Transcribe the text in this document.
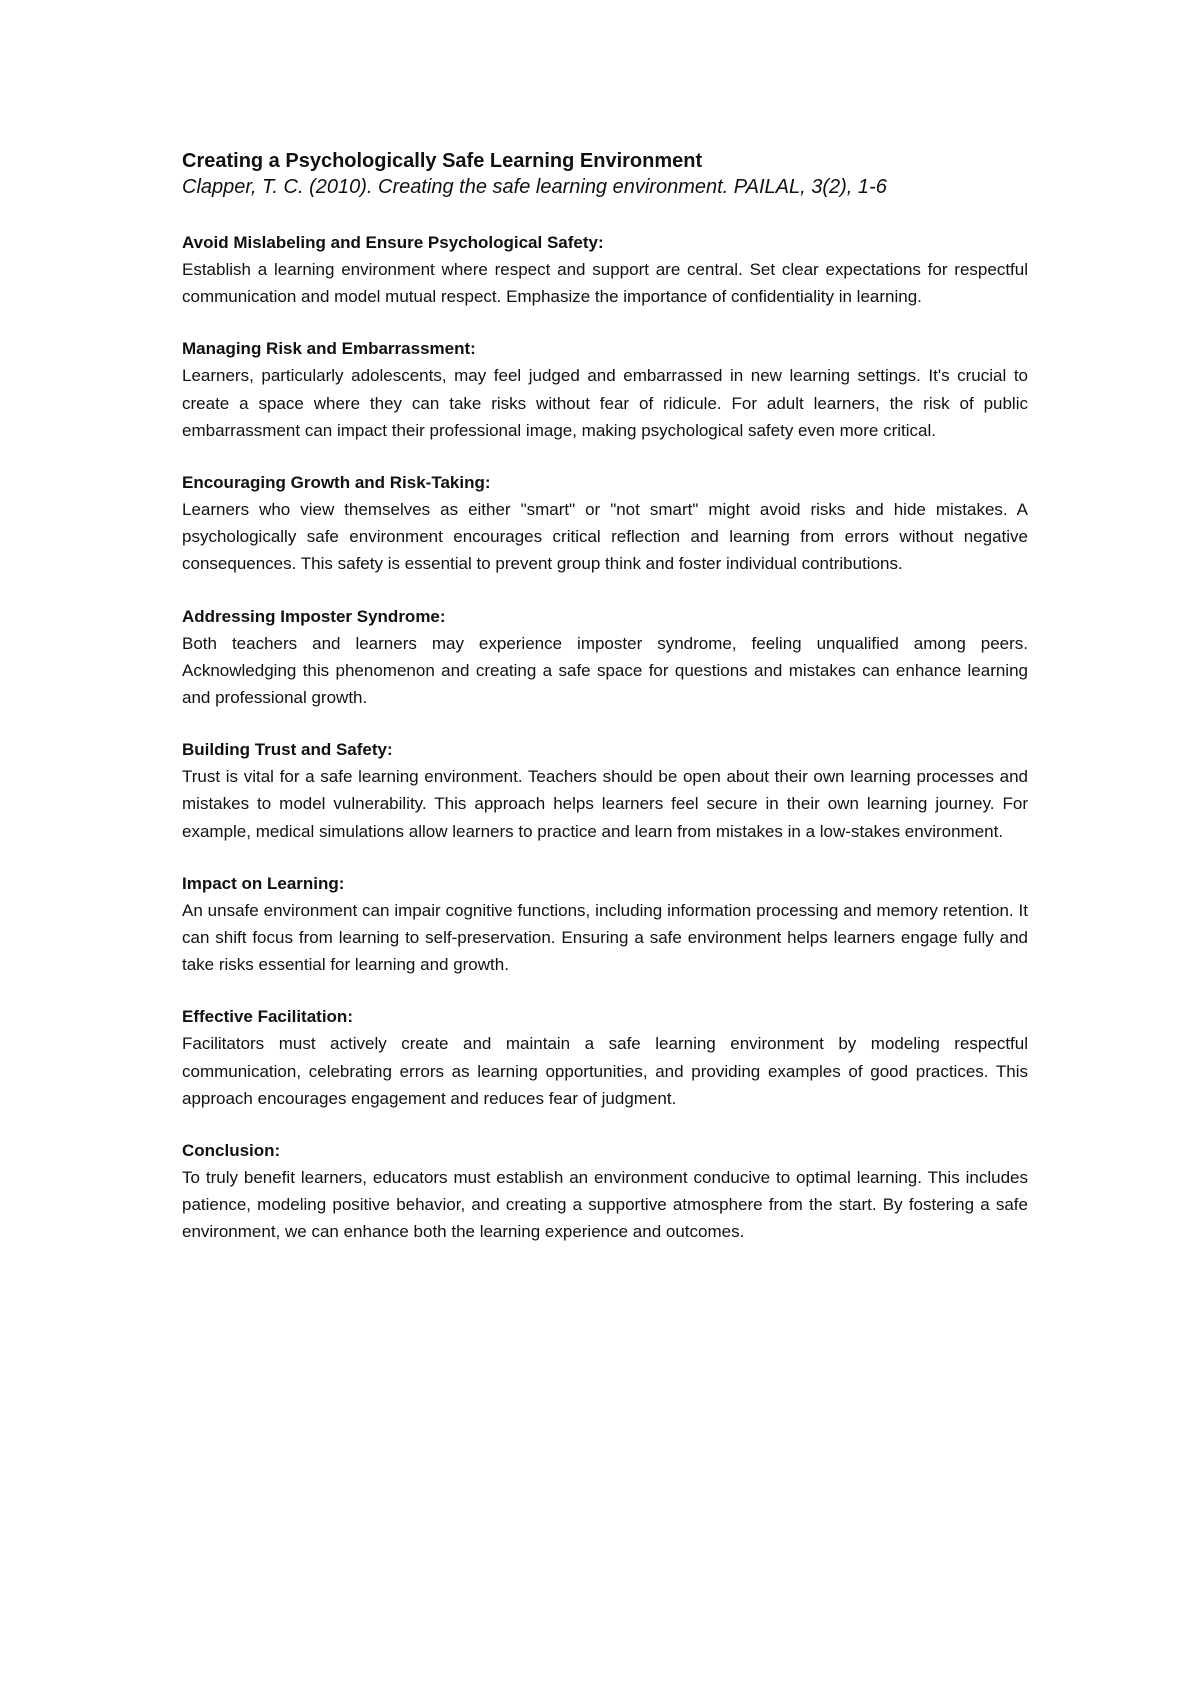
Creating a Psychologically Safe Learning Environment

Clapper, T. C. (2010). Creating the safe learning environment. PAILAL, 3(2), 1-6

Avoid Mislabeling and Ensure Psychological Safety:

Establish a learning environment where respect and support are central. Set clear expectations for respectful communication and model mutual respect. Emphasize the importance of confidentiality in learning.

Managing Risk and Embarrassment:

Learners, particularly adolescents, may feel judged and embarrassed in new learning settings. It's crucial to create a space where they can take risks without fear of ridicule. For adult learners, the risk of public embarrassment can impact their professional image, making psychological safety even more critical.

Encouraging Growth and Risk-Taking:

Learners who view themselves as either "smart" or "not smart" might avoid risks and hide mistakes. A psychologically safe environment encourages critical reflection and learning from errors without negative consequences. This safety is essential to prevent group think and foster individual contributions.

Addressing Imposter Syndrome:

Both teachers and learners may experience imposter syndrome, feeling unqualified among peers. Acknowledging this phenomenon and creating a safe space for questions and mistakes can enhance learning and professional growth.

Building Trust and Safety:

Trust is vital for a safe learning environment. Teachers should be open about their own learning processes and mistakes to model vulnerability. This approach helps learners feel secure in their own learning journey. For example, medical simulations allow learners to practice and learn from mistakes in a low-stakes environment.

Impact on Learning:

An unsafe environment can impair cognitive functions, including information processing and memory retention. It can shift focus from learning to self-preservation. Ensuring a safe environment helps learners engage fully and take risks essential for learning and growth.

Effective Facilitation:

Facilitators must actively create and maintain a safe learning environment by modeling respectful communication, celebrating errors as learning opportunities, and providing examples of good practices. This approach encourages engagement and reduces fear of judgment.

Conclusion:

To truly benefit learners, educators must establish an environment conducive to optimal learning. This includes patience, modeling positive behavior, and creating a supportive atmosphere from the start. By fostering a safe environment, we can enhance both the learning experience and outcomes.
